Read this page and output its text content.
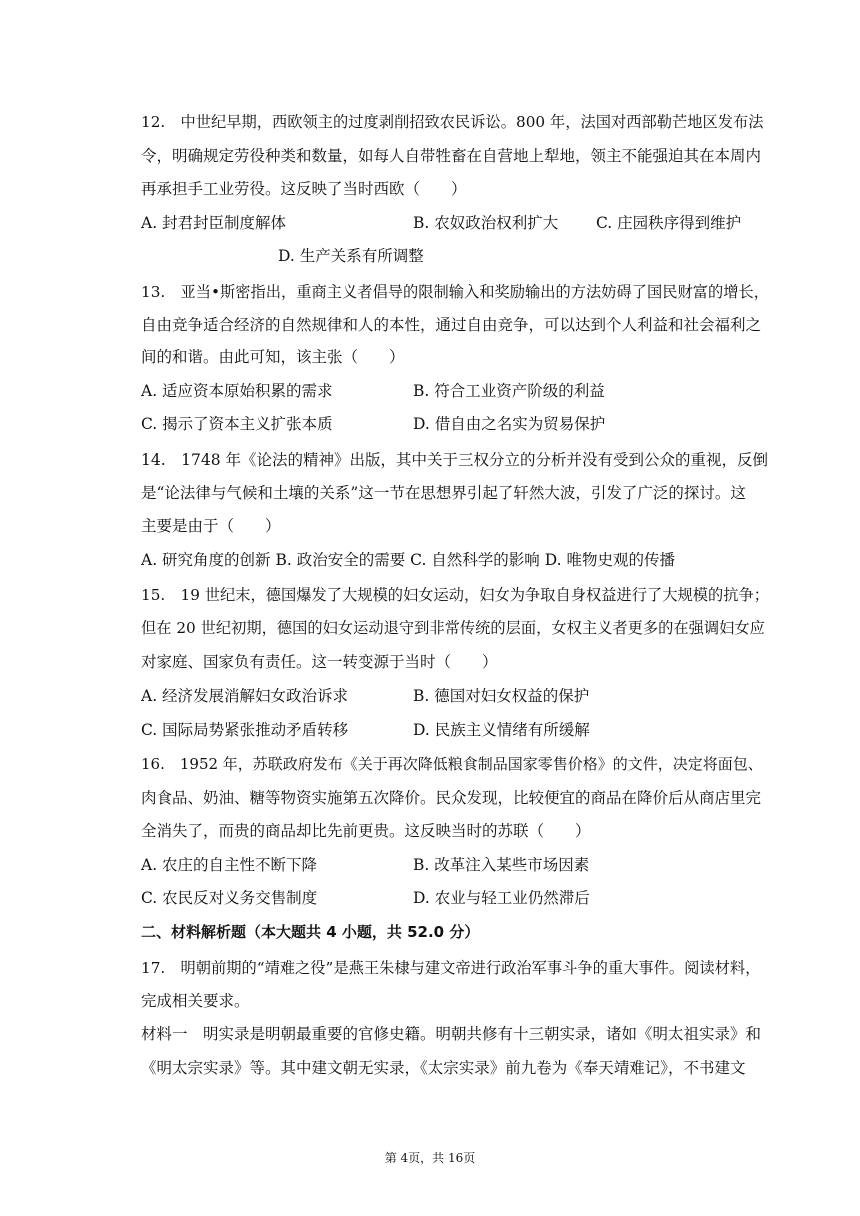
12.　中世纪早期，西欧领主的过度剥削招致农民诉讼。800 年，法国对西部勒芒地区发布法
令，明确规定劳役种类和数量，如每人自带牲畜在自营地上犁地，领主不能强迫其在本周内
再承担手工业劳役。这反映了当时西欧（　　）
A. 封君封臣制度解体	B. 农奴政治权利扩大 C. 庄园秩序得到维护
D. 生产关系有所调整
13.　亚当•斯密指出，重商主义者倡导的限制输入和奖励输出的方法妨碍了国民财富的增长，
自由竞争适合经济的自然规律和人的本性，通过自由竞争，可以达到个人利益和社会福利之
间的和谐。由此可知，该主张（　　）
A. 适应资本原始积累的需求	B. 符合工业资产阶级的利益
C. 揭示了资本主义扩张本质	D. 借自由之名实为贸易保护
14.　1748 年《论法的精神》出版，其中关于三权分立的分析并没有受到公众的重视，反倒
是“论法律与气候和土壤的关系”这一节在思想界引起了轩然大波，引发了广泛的探讨。这
主要是由于（　　）
A. 研究角度的创新 B. 政治安全的需要 C. 自然科学的影响 D. 唯物史观的传播
15.　19 世纪末，德国爆发了大规模的妇女运动，妇女为争取自身权益进行了大规模的抗争；
但在 20 世纪初期，德国的妇女运动退守到非常传统的层面，女权主义者更多的在强调妇女应
对家庭、国家负有责任。这一转变源于当时（　　）
A. 经济发展消解妇女政治诉求	B. 德国对妇女权益的保护
C. 国际局势紧张推动矛盾转移	D. 民族主义情绪有所缓解
16.　1952 年，苏联政府发布《关于再次降低粮食制品国家零售价格》的文件，决定将面包、
肉食品、奶油、糖等物资实施第五次降价。民众发现，比较便宜的商品在降价后从商店里完
全消失了，而贵的商品却比先前更贵。这反映当时的苏联（　　）
A. 农庄的自主性不断下降	B. 改革注入某些市场因素
C. 农民反对义务交售制度	D. 农业与轻工业仍然滞后
二、材料解析题（本大题共 4 小题，共 52.0 分）
17.　明朝前期的“靖难之役”是燕王朱棣与建文帝进行政治军事斗争的重大事件。阅读材料，
完成相关要求。
材料一　明实录是明朝最重要的官修史籍。明朝共修有十三朝实录，诸如《明太祖实录》和
《明太宗实录》等。其中建文朝无实录，《太宗实录》前九卷为《奉天靖难记》，不书建文
第 4页，共 16页
